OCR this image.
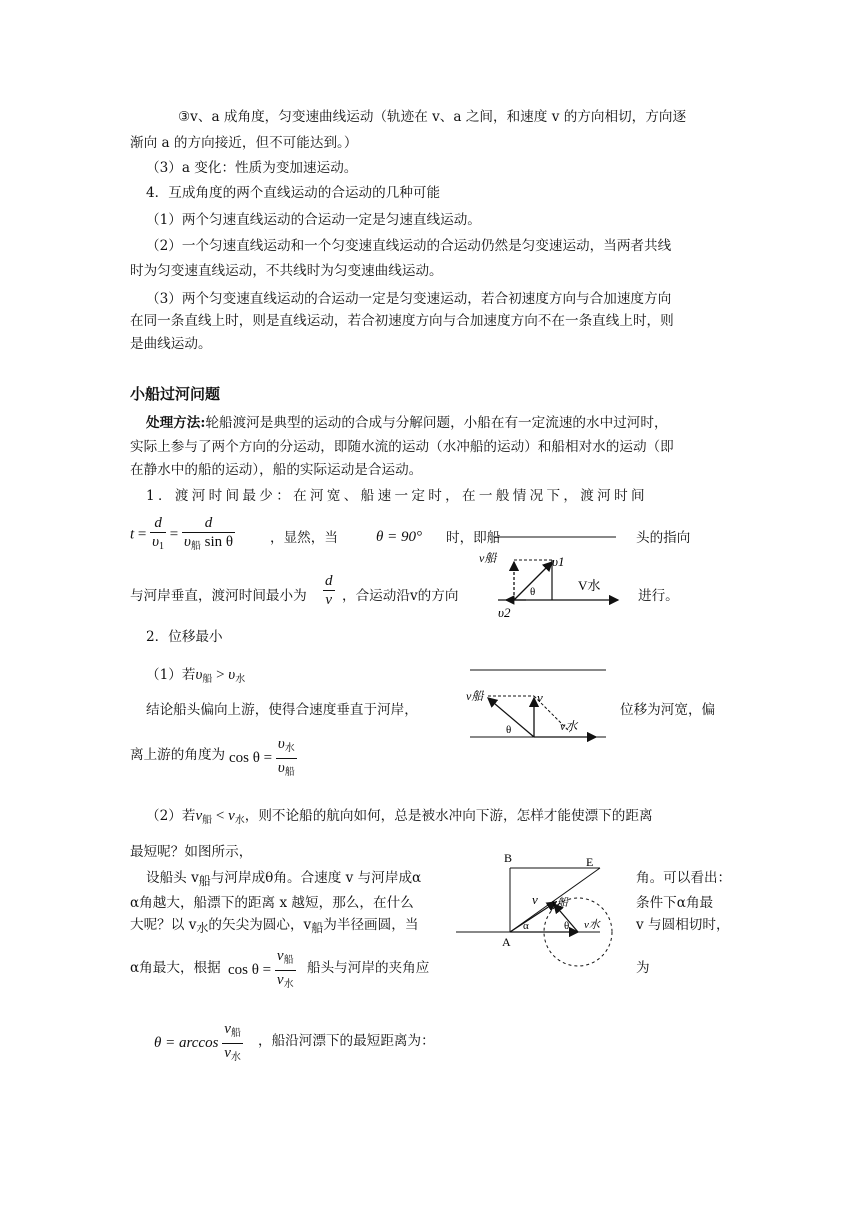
③v、a 成角度，匀变速曲线运动（轨迹在 v、a 之间，和速度 v 的方向相切，方向逐
渐向 a 的方向接近，但不可能达到。）
（3）a 变化：性质为变加速运动。
4．互成角度的两个直线运动的合运动的几种可能
（1）两个匀速直线运动的合运动一定是匀速直线运动。
（2）一个匀速直线运动和一个匀变速直线运动的合运动仍然是匀变速运动，当两者共线
时为匀变速直线运动，不共线时为匀变速曲线运动。
（3）两个匀变速直线运动的合运动一定是匀变速运动，若合初速度方向与合加速度方向
在同一条直线上时，则是直线运动，若合初速度方向与合加速度方向不在一条直线上时，则
是曲线运动。
小船过河问题
处理方法:轮船渡河是典型的运动的合成与分解问题，小船在有一定流速的水中过河时，
实际上参与了两个方向的分运动，即随水流的运动（水冲船的运动）和船相对水的运动（即
在静水中的船的运动），船的实际运动是合运动。
1．渡河时间最少：在河宽、船速一定时，在一般情况下，渡河时间
$t = \frac{d}{\upsilon_1} = \frac{d}{\upsilon_船 \sin \theta}$	，显然，当	θ = 90° 时，即船	头的指向
与河岸垂直，渡河时间最小为 $\frac{d}{v}$ ，合运动沿v的方向	进行。
v船	υ1
θ	V水
υ2
2．位移最小
（1）若$\upsilon_船 > \upsilon_水$
v船	v
θ	v水
结论船头偏向上游，使得合速度垂直于河岸，	位移为河宽，偏
离上游的角度为 $\cos \theta = \frac{\upsilon_水}{\upsilon_船}$
（2）若$v_船 < v_水$，则不论船的航向如何，总是被水冲向下游，怎样才能使漂下的距离
最短呢？如图所示，
设船头 $v_船$与河岸成θ角。合速度 v 与河岸成α	角。可以看出：
α角越大，船漂下的距离 x 越短，那么，在什么	条件下α角最
大呢？以 $v_水$的矢尖为圆心，$v_船$为半径画圆，当	v 与圆相切时，
α角最大，根据 $\cos \theta = \frac{v_船}{v_水}$ 船头与河岸的夹角应	为
B	E
A
v v船
α	θ v水
$\theta = \arccos \frac{v_船}{v_水}$ ，船沿河漂下的最短距离为：
